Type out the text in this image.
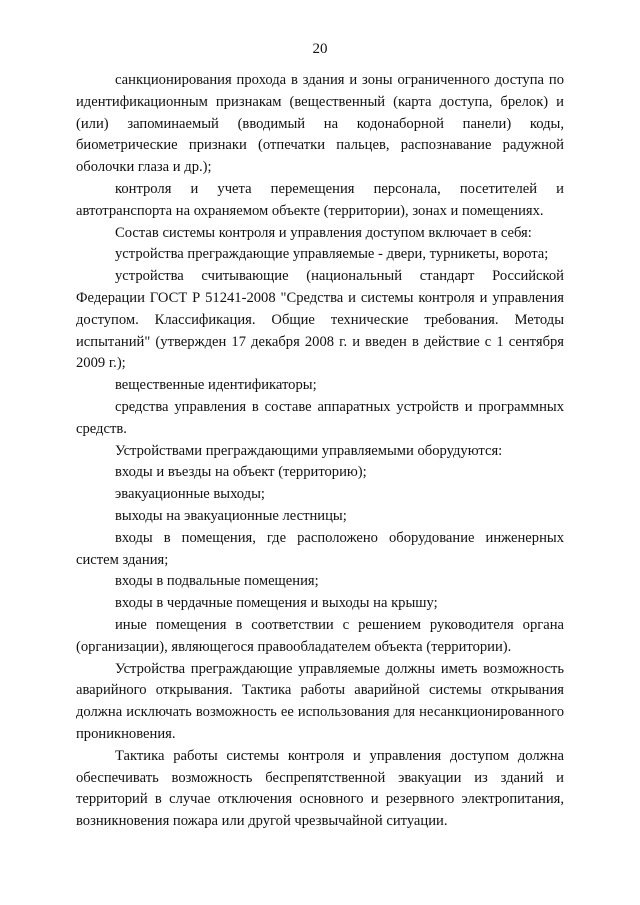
20

санкционирования прохода в здания и зоны ограниченного доступа по идентификационным признакам (вещественный (карта доступа, брелок) и (или) запоминаемый (вводимый на кодонаборной панели) коды, биометрические признаки (отпечатки пальцев, распознавание радужной оболочки глаза и др.);

контроля и учета перемещения персонала, посетителей и автотранспорта на охраняемом объекте (территории), зонах и помещениях.

Состав системы контроля и управления доступом включает в себя:

устройства преграждающие управляемые - двери, турникеты, ворота;

устройства считывающие (национальный стандарт Российской Федерации ГОСТ Р 51241-2008 "Средства и системы контроля и управления доступом. Классификация. Общие технические требования. Методы испытаний" (утвержден 17 декабря 2008 г. и введен в действие с 1 сентября 2009 г.);

вещественные идентификаторы;

средства управления в составе аппаратных устройств и программных средств.

Устройствами преграждающими управляемыми оборудуются:

входы и въезды на объект (территорию);

эвакуационные выходы;

выходы на эвакуационные лестницы;

входы в помещения, где расположено оборудование инженерных систем здания;

входы в подвальные помещения;

входы в чердачные помещения и выходы на крышу;

иные помещения в соответствии с решением руководителя органа (организации), являющегося правообладателем объекта (территории).

Устройства преграждающие управляемые должны иметь возможность аварийного открывания. Тактика работы аварийной системы открывания должна исключать возможность ее использования для несанкционированного проникновения.

Тактика работы системы контроля и управления доступом должна обеспечивать возможность беспрепятственной эвакуации из зданий и территорий в случае отключения основного и резервного электропитания, возникновения пожара или другой чрезвычайной ситуации.
